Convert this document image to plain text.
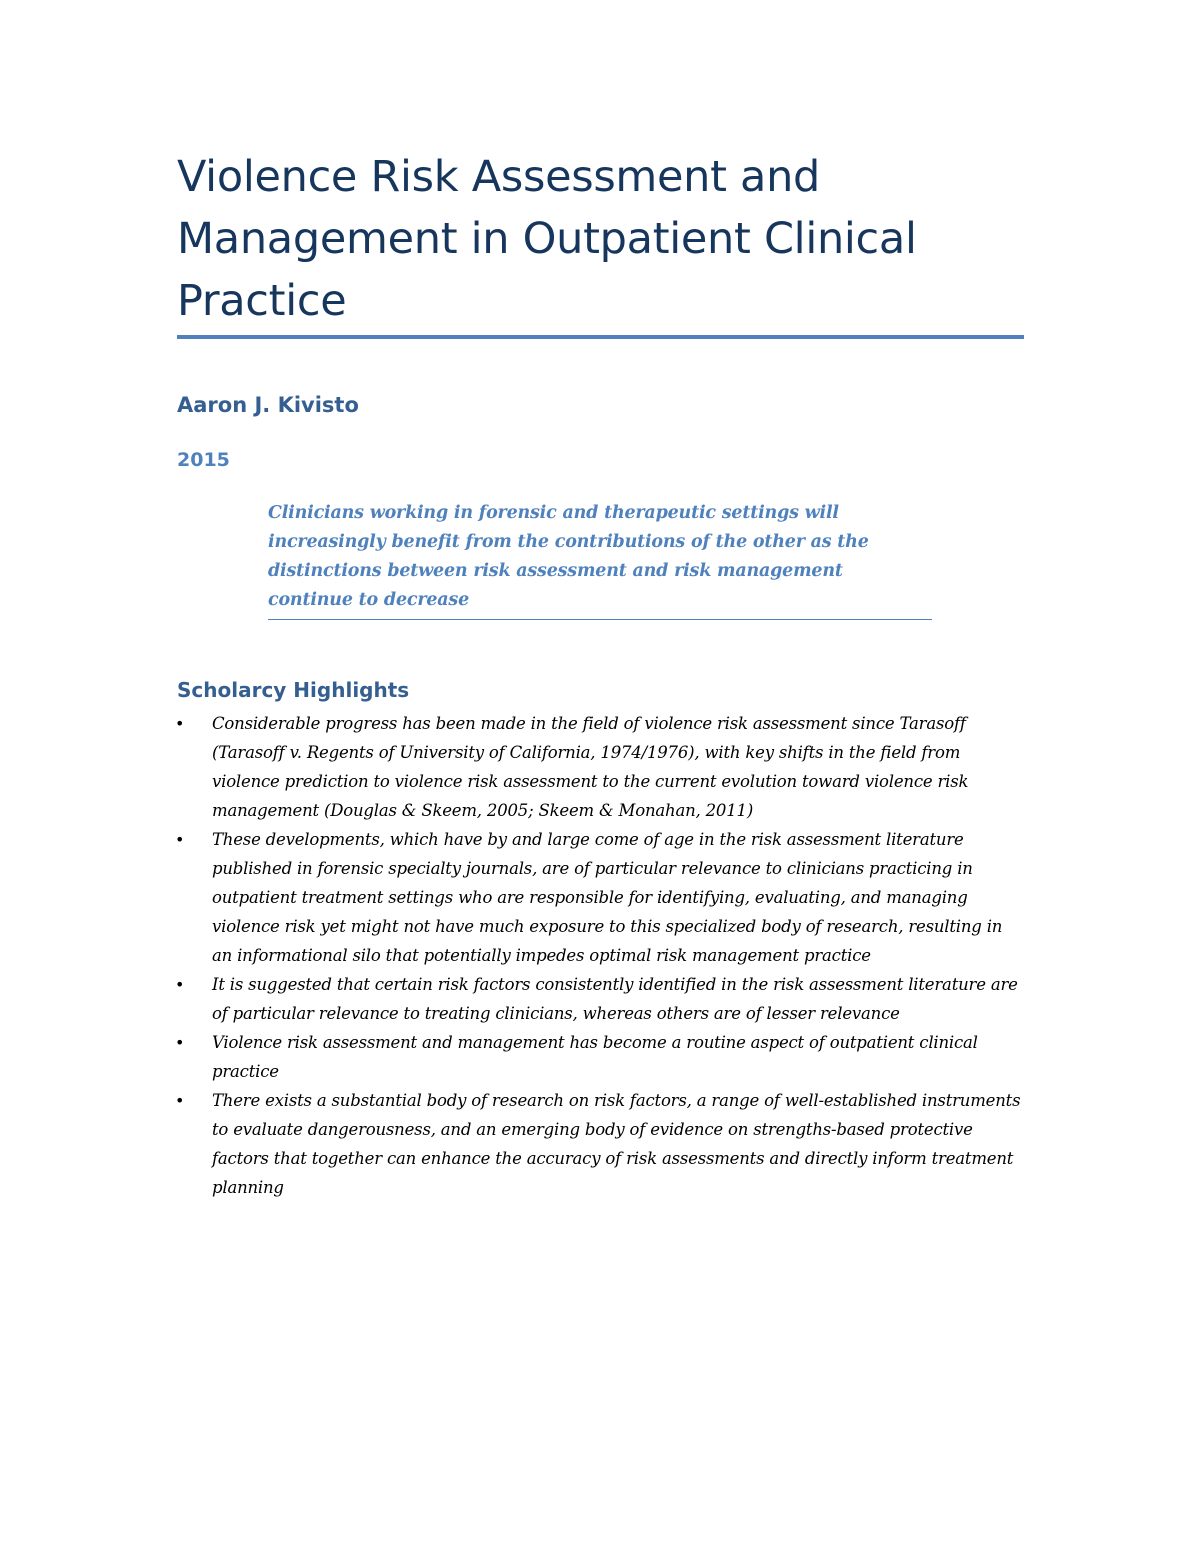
Violence Risk Assessment and Management in Outpatient Clinical Practice

Aaron J. Kivisto

2015

Clinicians working in forensic and therapeutic settings will increasingly benefit from the contributions of the other as the distinctions between risk assessment and risk management continue to decrease

Scholarcy Highlights
• Considerable progress has been made in the field of violence risk assessment since Tarasoff (Tarasoff v. Regents of University of California, 1974/1976), with key shifts in the field from violence prediction to violence risk assessment to the current evolution toward violence risk management (Douglas & Skeem, 2005; Skeem & Monahan, 2011)
• These developments, which have by and large come of age in the risk assessment literature published in forensic specialty journals, are of particular relevance to clinicians practicing in outpatient treatment settings who are responsible for identifying, evaluating, and managing violence risk yet might not have much exposure to this specialized body of research, resulting in an informational silo that potentially impedes optimal risk management practice
• It is suggested that certain risk factors consistently identified in the risk assessment literature are of particular relevance to treating clinicians, whereas others are of lesser relevance
• Violence risk assessment and management has become a routine aspect of outpatient clinical practice
• There exists a substantial body of research on risk factors, a range of well-established instruments to evaluate dangerousness, and an emerging body of evidence on strengths-based protective factors that together can enhance the accuracy of risk assessments and directly inform treatment planning
